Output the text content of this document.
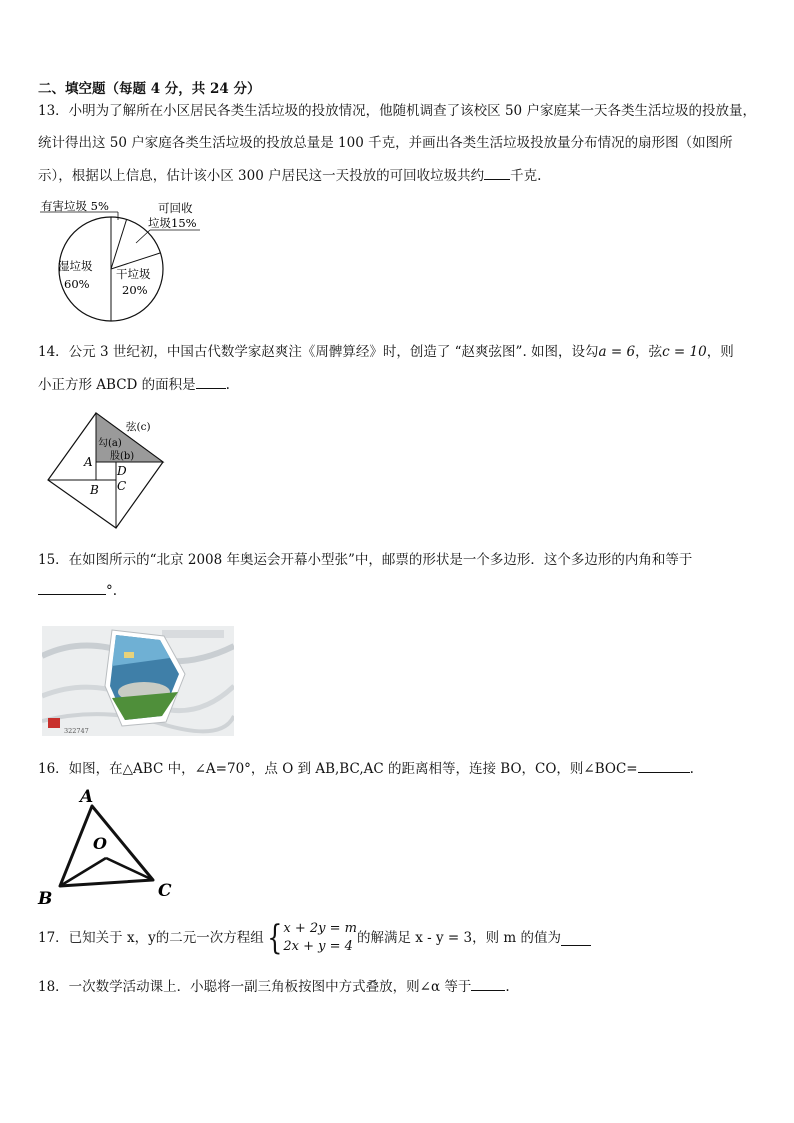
二、填空题（每题 4 分，共 24 分）
13．小明为了解所在小区居民各类生活垃圾的投放情况，他随机调查了该校区 50 户家庭某一天各类生活垃圾的投放量，
统计得出这 50 户家庭各类生活垃圾的投放总量是 100 千克，并画出各类生活垃圾投放量分布情况的扇形图（如图所
示），根据以上信息，估计该小区 300 户居民这一天投放的可回收垃圾共约 千克.
有害垃圾 5%	可回收
垃圾15%
干垃圾
20%
湿垃圾
60%
14．公元 3 世纪初，中国古代数学家赵爽注《周髀算经》时，创造了 “赵爽弦图”. 如图，设勾a = 6，弦c = 10，则
小正方形 ABCD 的面积是 .
弦(c)
勾(a)
股(b)
A
D
C
B
15．在如图所示的“北京 2008 年奥运会开幕小型张”中，邮票的形状是一个多边形．这个多边形的内角和等于
°.
322747
16．如图，在△ABC 中，∠A=70°，点 O 到 AB,BC,AC 的距离相等，连接 BO，CO，则∠BOC=	.
A
B	C
O
17．已知关于 x，y 的二元一次方程组 { x + 2y = m
2x + y = 4
的解满足 x - y = 3，则 m 的值为
18．一次数学活动课上．小聪将一副三角板按图中方式叠放，则∠α 等于	.
